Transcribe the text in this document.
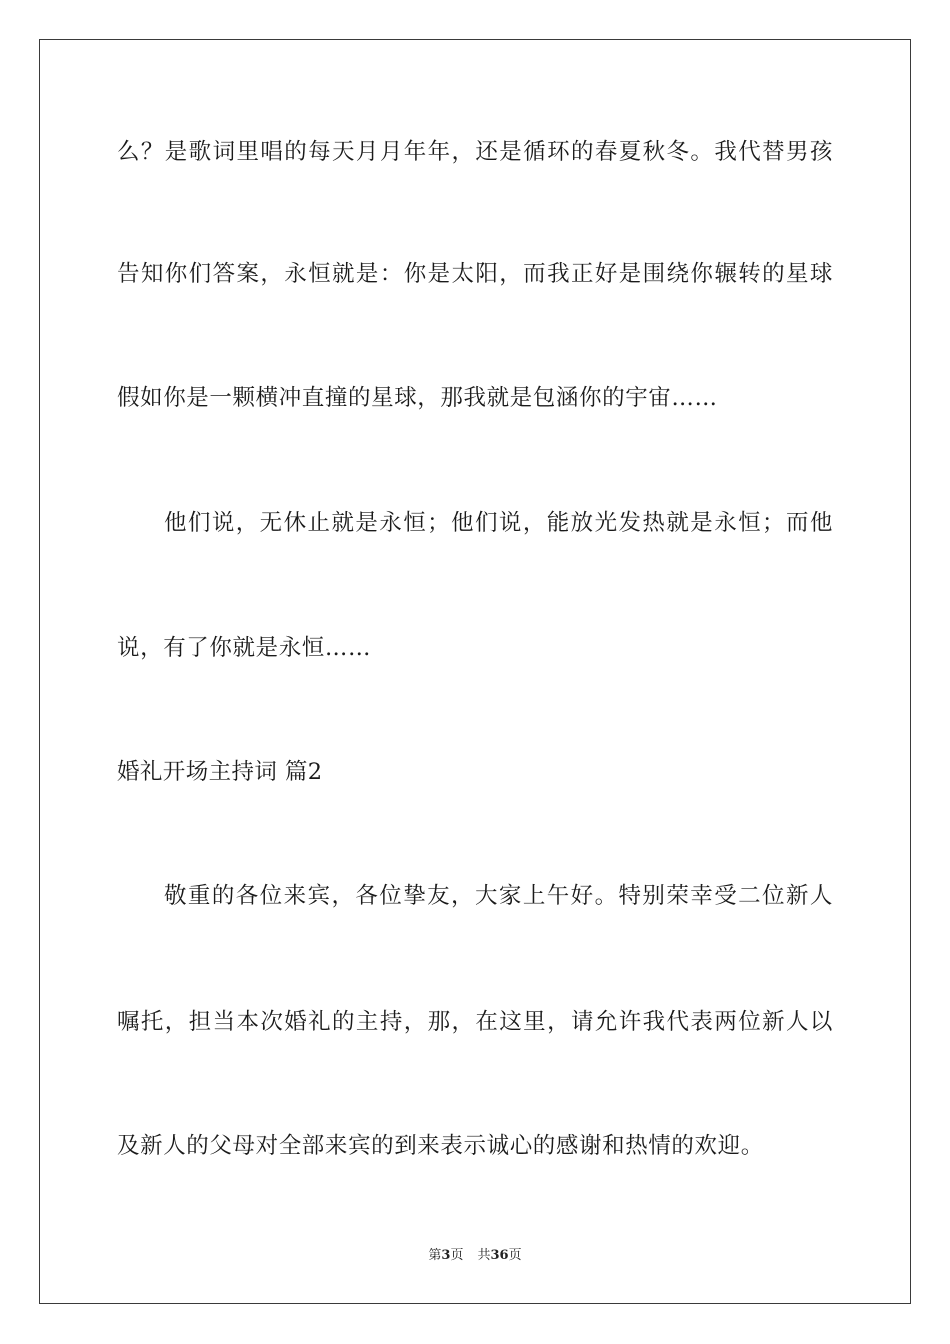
么？是歌词里唱的每天月月年年，还是循环的春夏秋冬。我代替男孩
告知你们答案，永恒就是：你是太阳，而我正好是围绕你辗转的星球
假如你是一颗横冲直撞的星球，那我就是包涵你的宇宙……
他们说，无休止就是永恒；他们说，能放光发热就是永恒；而他
说，有了你就是永恒……
婚礼开场主持词 篇2
敬重的各位来宾，各位挚友，大家上午好。特别荣幸受二位新人
嘱托，担当本次婚礼的主持，那，在这里，请允许我代表两位新人以
及新人的父母对全部来宾的到来表示诚心的感谢和热情的欢迎。
第3页 共36页
